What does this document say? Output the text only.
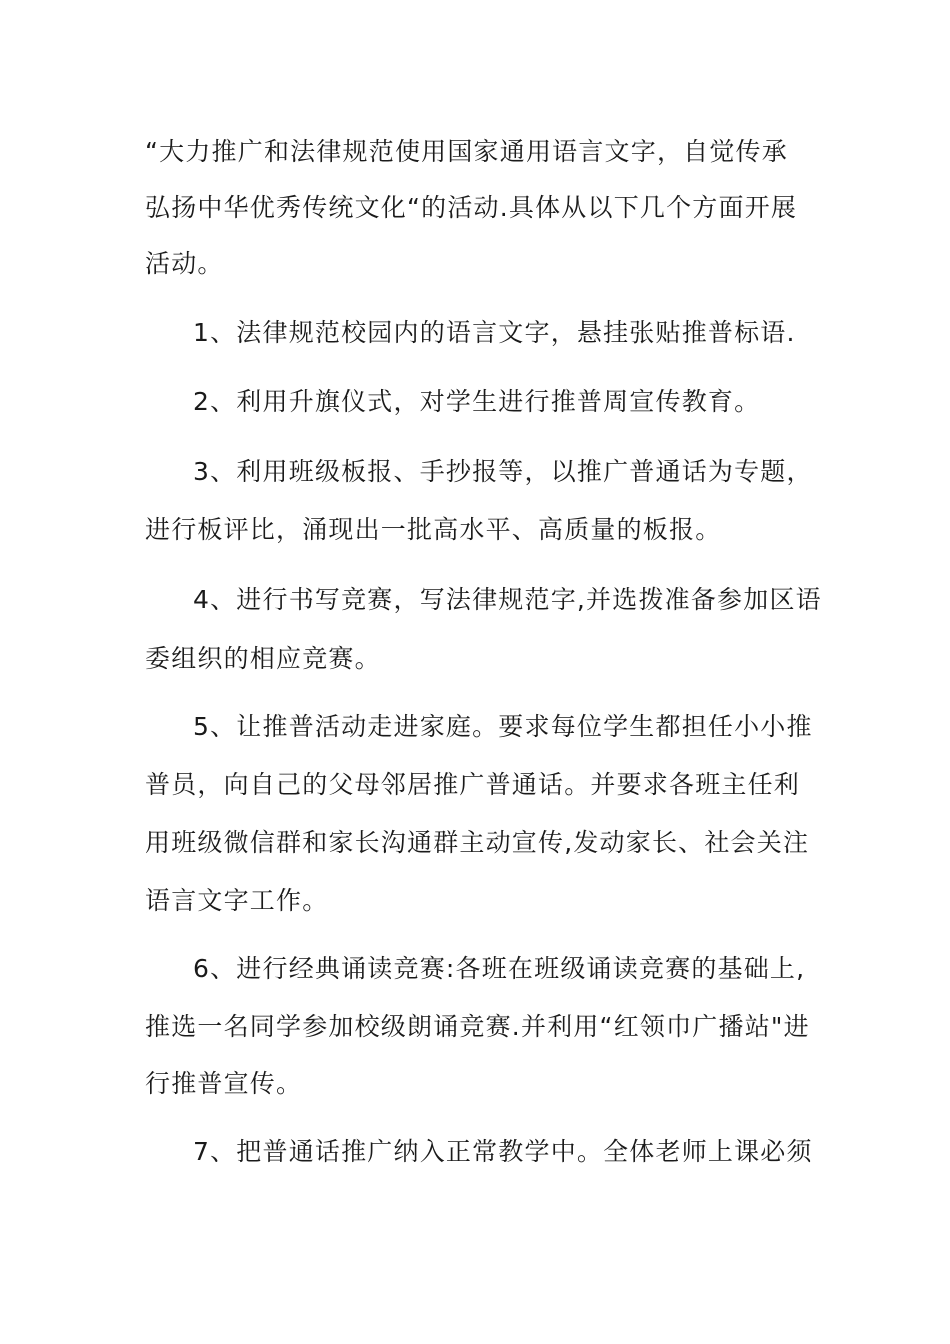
“大力推广和法律规范使用国家通用语言文字，自觉传承
弘扬中华优秀传统文化“的活动.具体从以下几个方面开展
活动。
1、法律规范校园内的语言文字，悬挂张贴推普标语.
2、利用升旗仪式，对学生进行推普周宣传教育。
3、利用班级板报、手抄报等，以推广普通话为专题，
进行板评比，涌现出一批高水平、高质量的板报。
4、进行书写竞赛，写法律规范字,并选拨准备参加区语
委组织的相应竞赛。
5、让推普活动走进家庭。要求每位学生都担任小小推
普员，向自己的父母邻居推广普通话。并要求各班主任利
用班级微信群和家长沟通群主动宣传,发动家长、社会关注
语言文字工作。
6、进行经典诵读竞赛:各班在班级诵读竞赛的基础上,
推选一名同学参加校级朗诵竞赛.并利用“红领巾广播站"进
行推普宣传。
7、把普通话推广纳入正常教学中。全体老师上课必须
